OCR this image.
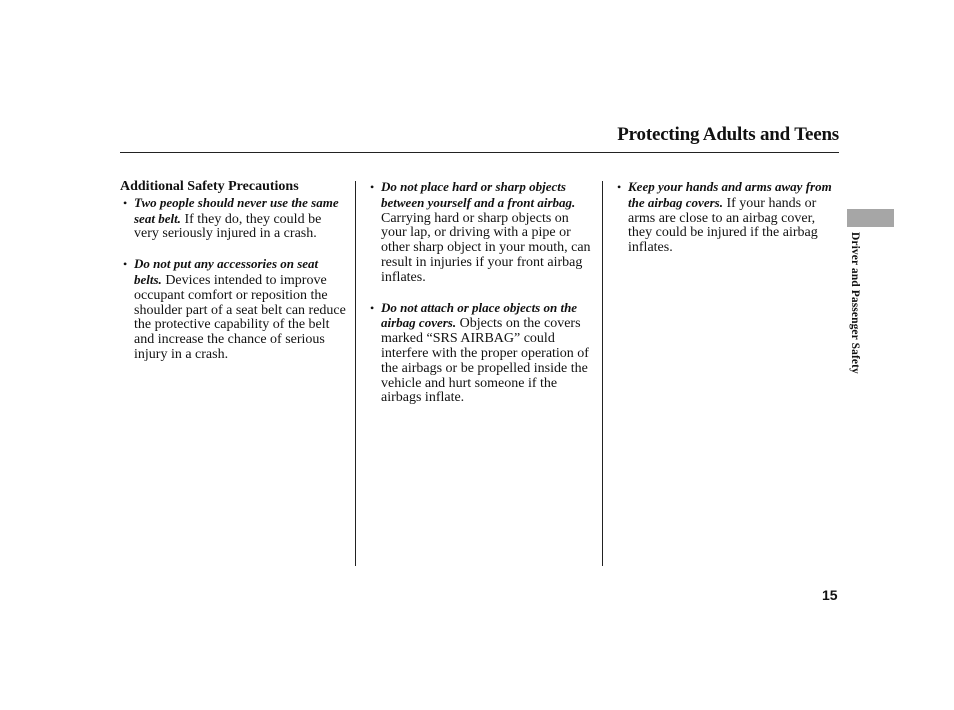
Protecting Adults and Teens
Additional Safety Precautions
• Two people should never use the same seat belt. If they do, they could be very seriously injured in a crash.
• Do not put any accessories on seat belts. Devices intended to improve occupant comfort or reposition the shoulder part of a seat belt can reduce the protective capability of the belt and increase the chance of serious injury in a crash.
• Do not place hard or sharp objects between yourself and a front airbag. Carrying hard or sharp objects on your lap, or driving with a pipe or other sharp object in your mouth, can result in injuries if your front airbag inflates.
• Do not attach or place objects on the airbag covers. Objects on the covers marked “SRS AIRBAG” could interfere with the proper operation of the airbags or be propelled inside the vehicle and hurt someone if the airbags inflate.
• Keep your hands and arms away from the airbag covers. If your hands or arms are close to an airbag cover, they could be injured if the airbag inflates.	Driver and Passenger Safety
15
